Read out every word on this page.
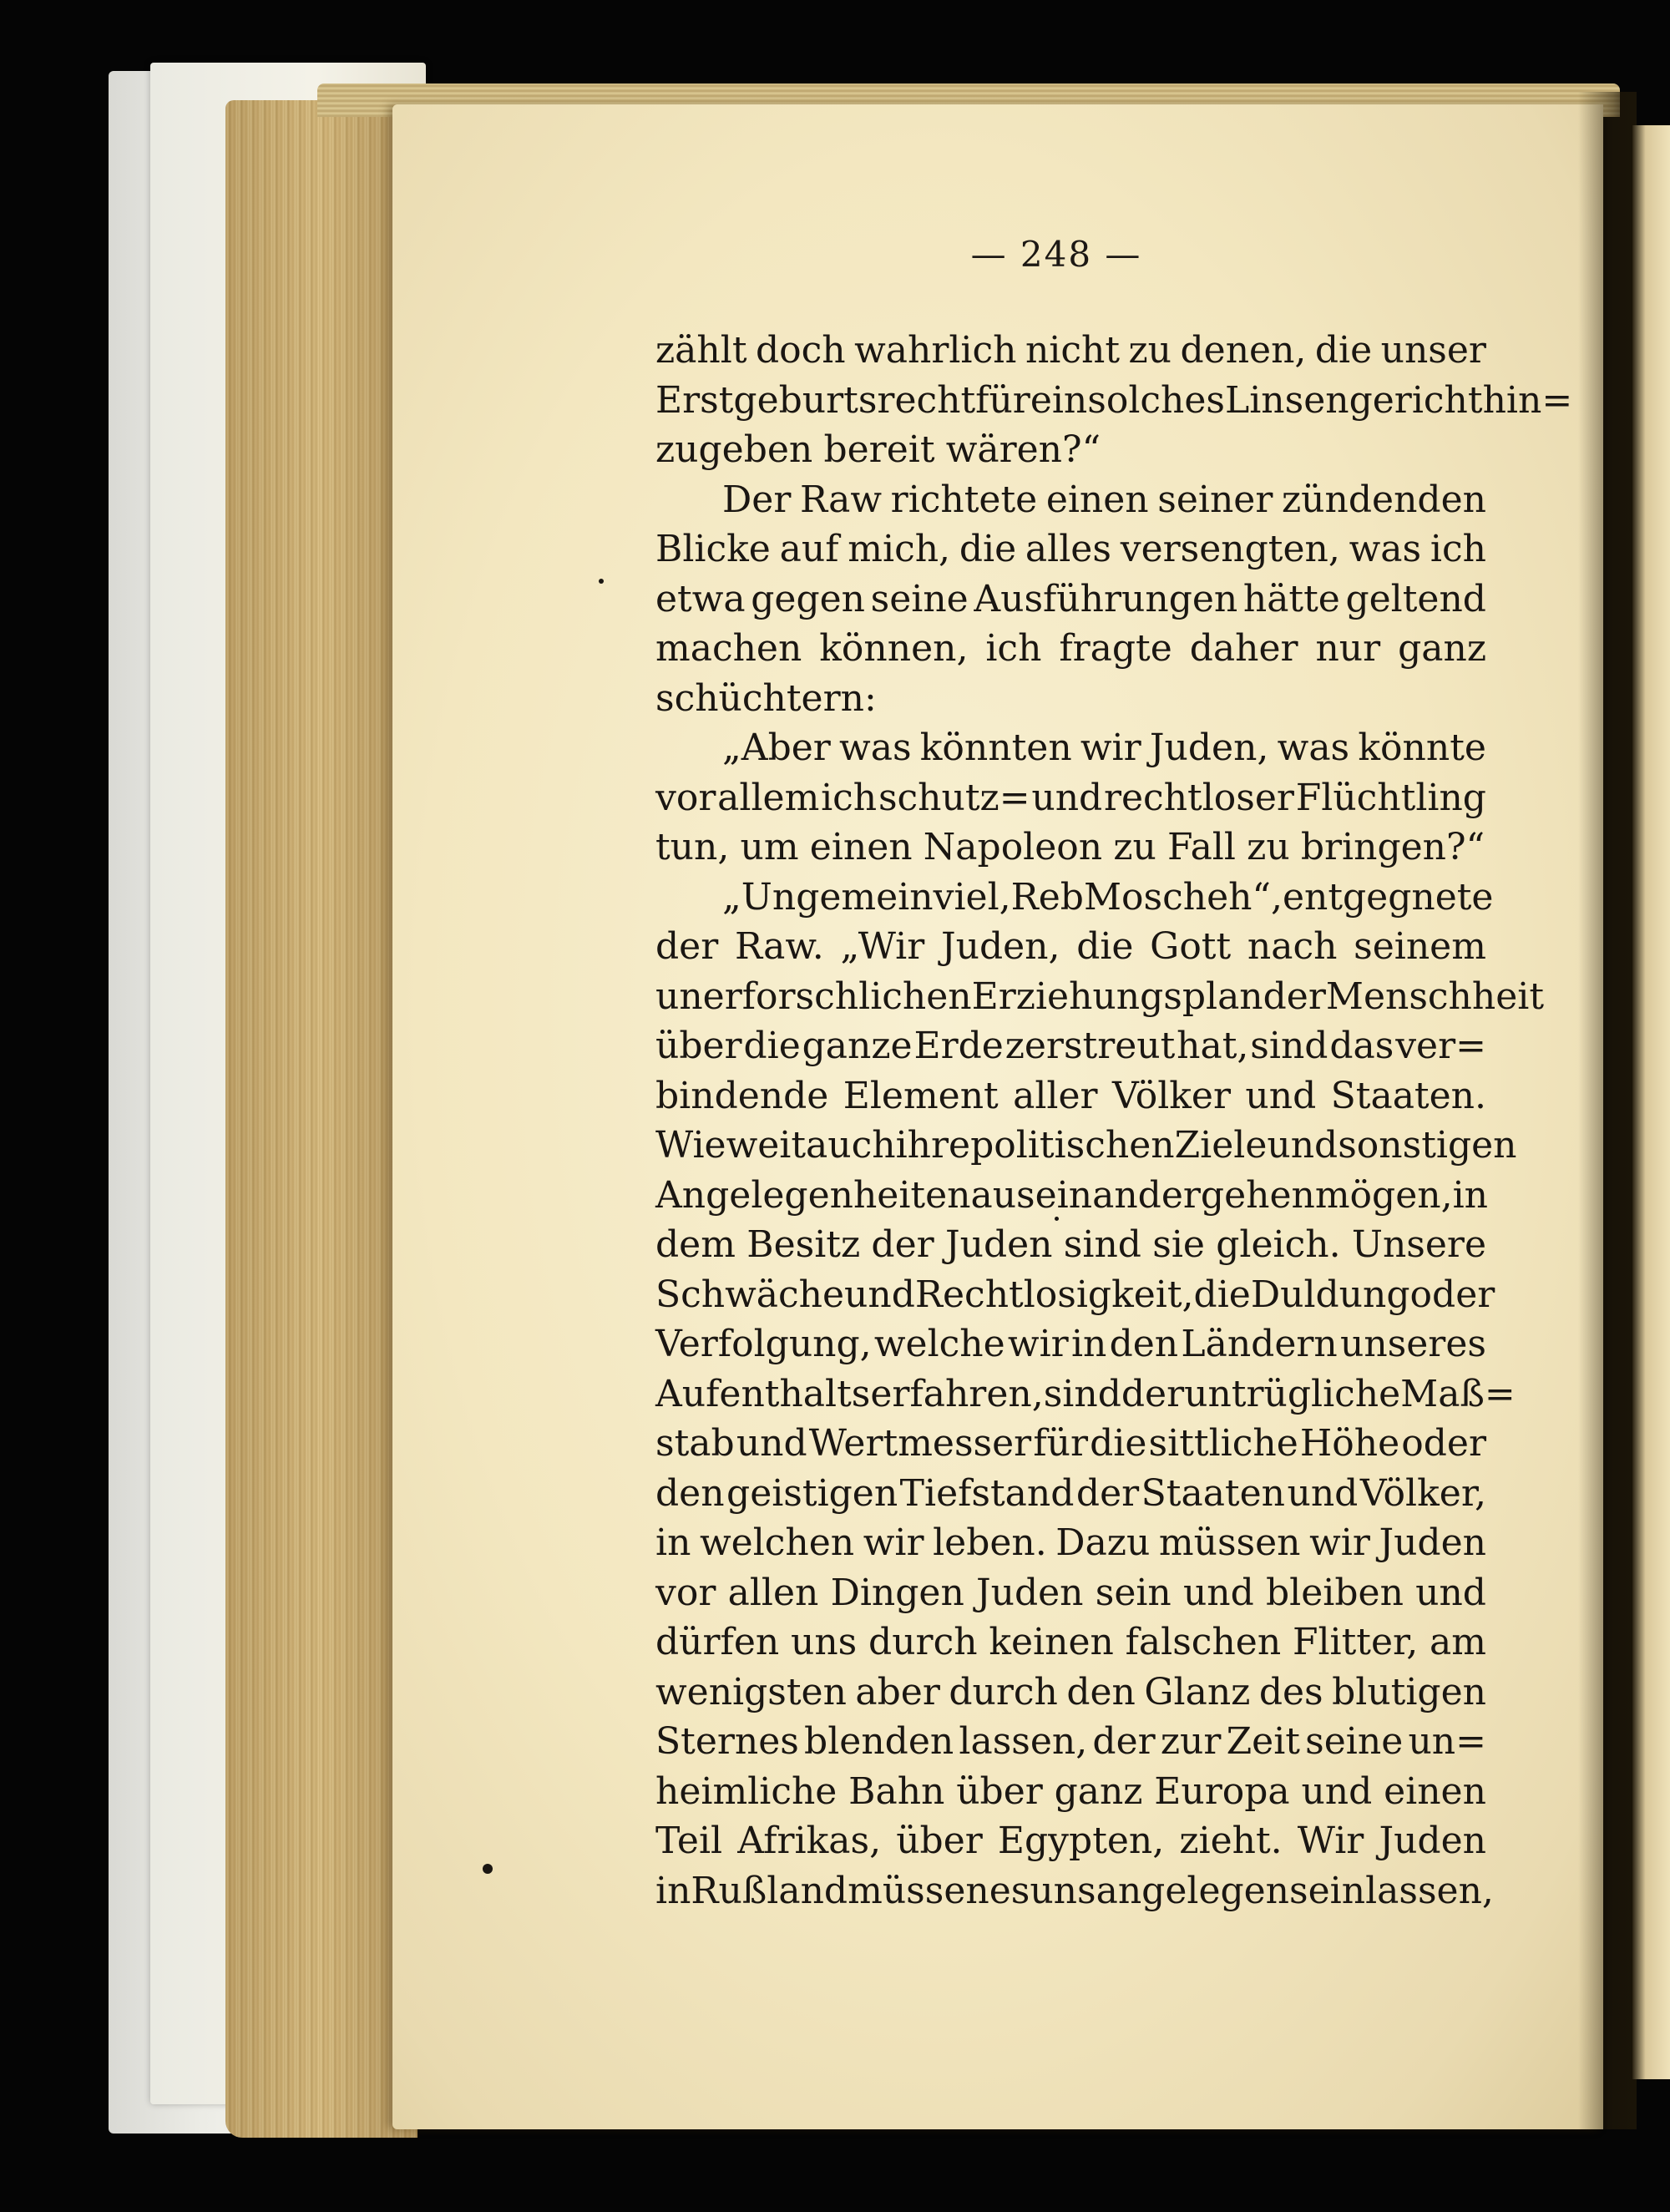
— 248 —
zählt doch wahrlich nicht zu denen, die unser
Erstgeburtsrecht für ein solches Linsengericht hin=
zugeben bereit wären?“
Der Raw richtete einen seiner zündenden
Blicke auf mich, die alles versengten, was ich
etwa gegen seine Ausführungen hätte geltend
machen können, ich fragte daher nur ganz
schüchtern:
„Aber was könnten wir Juden, was könnte
vor allem ich schutz= und rechtloser Flüchtling
tun, um einen Napoleon zu Fall zu bringen?“
„Ungemein viel, Reb Moscheh“, entgegnete
der Raw. „Wir Juden, die Gott nach seinem
unerforschlichen Erziehungsplan der Menschheit
über die ganze Erde zerstreut hat, sind das ver=
bindende Element aller Völker und Staaten.
Wie weit auch ihre politischen Ziele und sonstigen
Angelegenheiten auseinander gehen mögen, in
dem Besitz der Juden sind sie gleich. Unsere
Schwäche und Rechtlosigkeit, die Duldung oder
Verfolgung, welche wir in den Ländern unseres
Aufenthalts erfahren, sind der untrügliche Maß=
stab und Wertmesser für die sittliche Höhe oder
den geistigen Tiefstand der Staaten und Völker,
in welchen wir leben. Dazu müssen wir Juden
vor allen Dingen Juden sein und bleiben und
dürfen uns durch keinen falschen Flitter, am
wenigsten aber durch den Glanz des blutigen
Sternes blenden lassen, der zur Zeit seine un=
heimliche Bahn über ganz Europa und einen
Teil Afrikas, über Egypten, zieht. Wir Juden
in Rußland müssen es uns angelegen sein lassen,
